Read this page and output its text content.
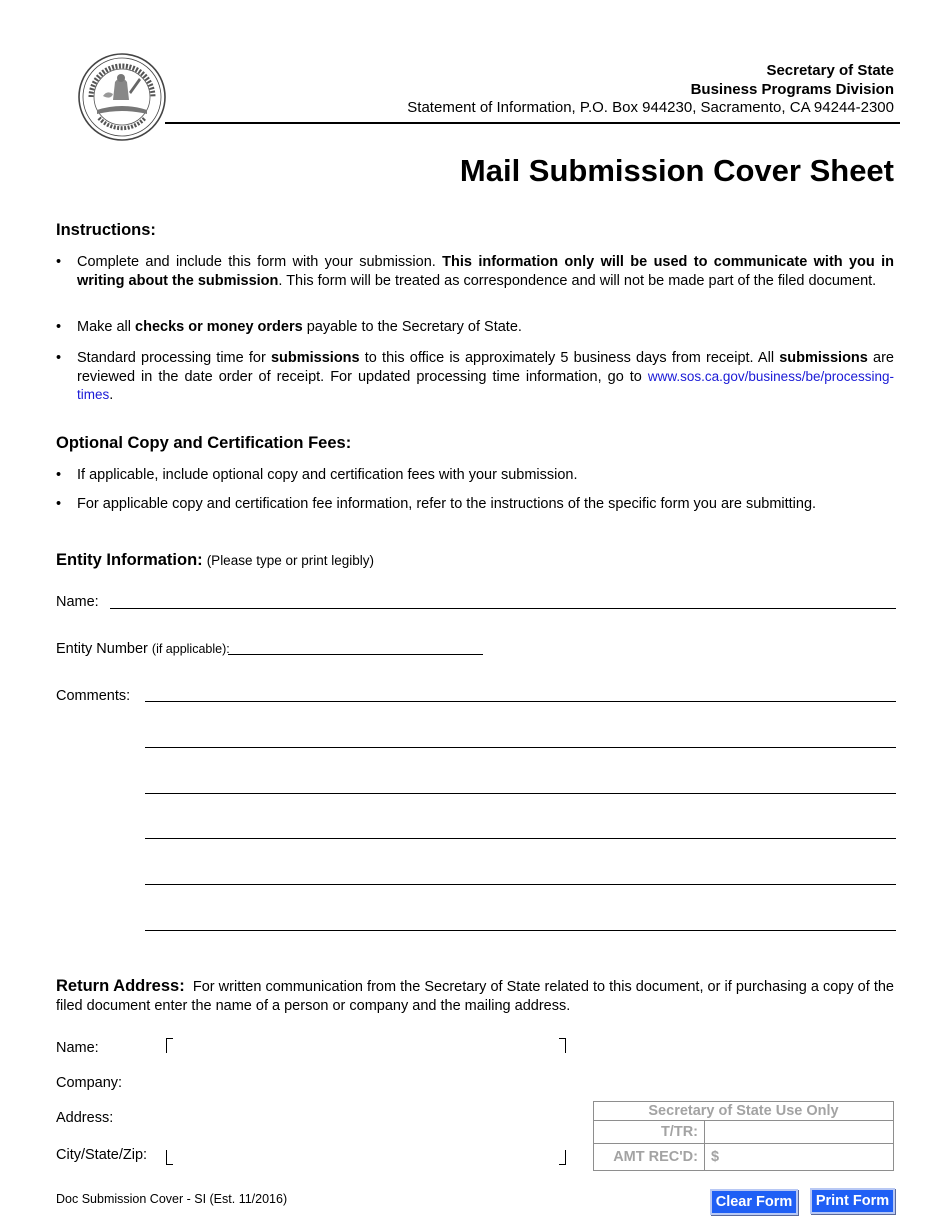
Secretary of State
Business Programs Division
Statement of Information, P.O. Box 944230, Sacramento, CA 94244-2300
Mail Submission Cover Sheet
Instructions:
• Complete and include this form with your submission. This information only will be used to communicate with you in writing about the submission. This form will be treated as correspondence and will not be made part of the filed document.
• Make all checks or money orders payable to the Secretary of State.
• Standard processing time for submissions to this office is approximately 5 business days from receipt. All submissions are reviewed in the date order of receipt. For updated processing time information, go to www.sos.ca.gov/business/be/processing-times.
Optional Copy and Certification Fees:
• If applicable, include optional copy and certification fees with your submission.
• For applicable copy and certification fee information, refer to the instructions of the specific form you are submitting.
Entity Information: (Please type or print legibly)
Name:
Entity Number (if applicable):
Comments:
Return Address: For written communication from the Secretary of State related to this document, or if purchasing a copy of the filed document enter the name of a person or company and the mailing address.
Name:
Company:
Address:
City/State/Zip:
Secretary of State Use Only	
T/TR:	
AMT REC'D:	$
Doc Submission Cover - SI (Est. 11/2016)	Clear Form	Print Form
